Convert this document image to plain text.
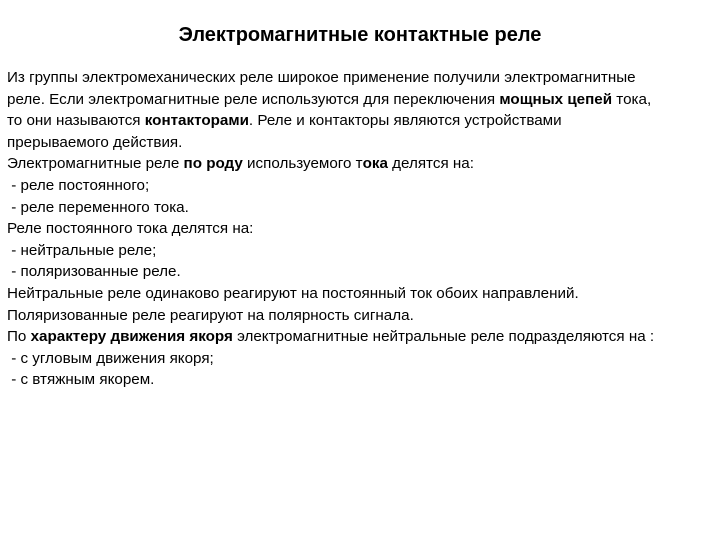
Электромагнитные контактные реле
Из группы электромеханических реле широкое применение получили электромагнитные
реле. Если электромагнитные реле используются для переключения мощных цепей тока,
то они называются контакторами. Реле и контакторы являются устройствами
прерываемого действия.
Электромагнитные реле по роду используемого тока делятся на:
- реле постоянного;
- реле переменного тока.
Реле постоянного тока делятся на:
- нейтральные реле;
- поляризованные реле.
Нейтральные реле одинаково реагируют на постоянный ток обоих направлений.
Поляризованные реле реагируют на полярность сигнала.
По характеру движения якоря электромагнитные нейтральные реле подразделяются на :
- с угловым движения якоря;
- с втяжным якорем.
